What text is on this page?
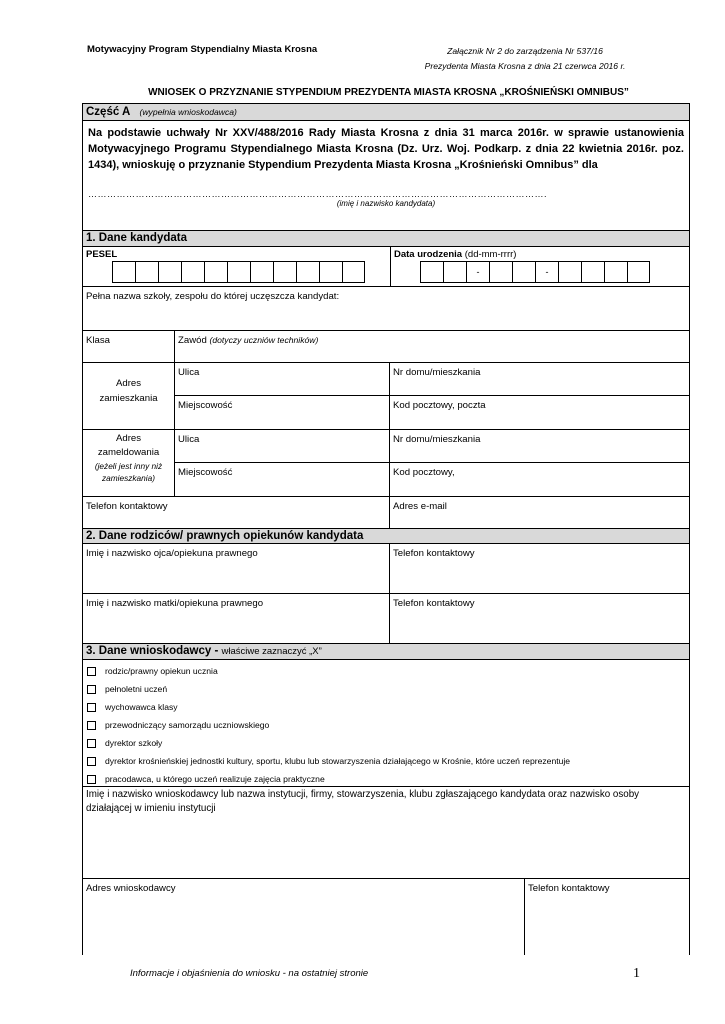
Motywacyjny Program Stypendialny Miasta Krosna	Załącznik Nr 2 do zarządzenia Nr 537/16
Prezydenta Miasta Krosna z dnia 21 czerwca 2016 r.
WNIOSEK O PRZYZNANIE STYPENDIUM PREZYDENTA MIASTA KROSNA „KROŚNIEŃSKI OMNIBUS”
Część A (wypełnia wnioskodawca)
Na podstawie uchwały Nr XXV/488/2016 Rady Miasta Krosna z dnia 31 marca 2016r. w sprawie ustanowienia Motywacyjnego Programu Stypendialnego Miasta Krosna (Dz. Urz. Woj. Podkarp. z dnia 22 kwietnia 2016r. poz. 1434), wnioskuję o przyznanie Stypendium Prezydenta Miasta Krosna „Krośnieński Omnibus” dla
……………………………………………………………………………………………………………………………….
(imię i nazwisko kandydata)
1. Dane kandydata
PESEL	Data urodzenia (dd-mm-rrrr)
-	-
Pełna nazwa szkoły, zespołu do której uczęszcza kandydat:
Klasa	Zawód (dotyczy uczniów techników)
Adres
zamieszkania
Ulica	Nr domu/mieszkania
Miejscowość	Kod pocztowy, poczta
Adres
zameldowania
(jeżeli jest inny niż zamieszkania)
Ulica	Nr domu/mieszkania
Miejscowość	Kod pocztowy,
Telefon kontaktowy	Adres e-mail
2. Dane rodziców/ prawnych opiekunów kandydata
Imię i nazwisko ojca/opiekuna prawnego	Telefon kontaktowy
Imię i nazwisko matki/opiekuna prawnego	Telefon kontaktowy
3. Dane wnioskodawcy - właściwe zaznaczyć „X”
rodzic/prawny opiekun ucznia
pełnoletni uczeń
wychowawca klasy
przewodniczący samorządu uczniowskiego
dyrektor szkoły
dyrektor krośnieńskiej jednostki kultury, sportu, klubu lub stowarzyszenia działającego w Krośnie, które uczeń reprezentuje
pracodawca, u którego uczeń realizuje zajęcia praktyczne
Imię i nazwisko wnioskodawcy lub nazwa instytucji, firmy, stowarzyszenia, klubu zgłaszającego kandydata oraz nazwisko osoby działającej w imieniu instytucji
Adres wnioskodawcy	Telefon kontaktowy
Informacje i objaśnienia do wniosku - na ostatniej stronie	1
